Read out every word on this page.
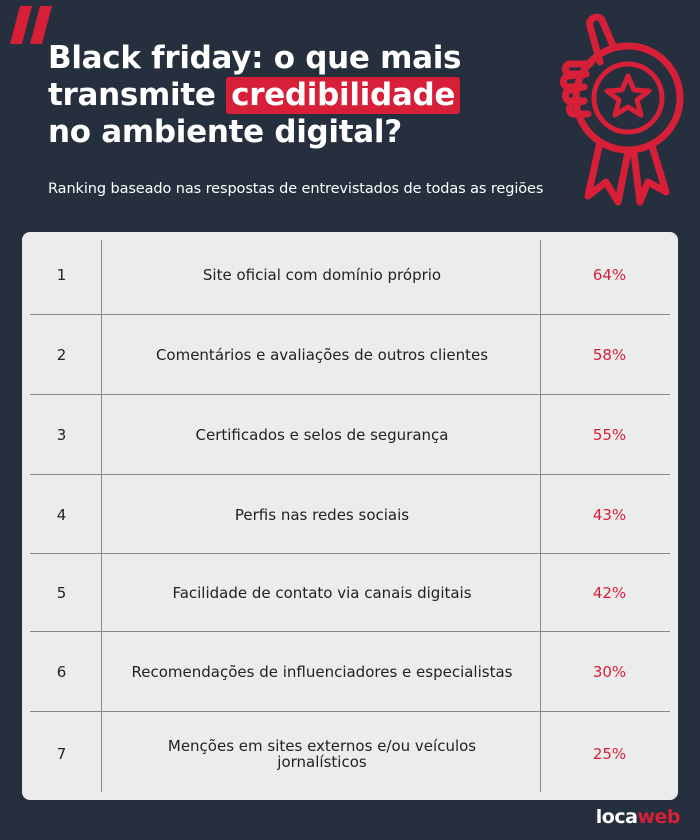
Black friday: o que mais transmite credibilidade no ambiente digital?

Ranking baseado nas respostas de entrevistados de todas as regiões

1	Site oficial com domínio próprio	64%
2	Comentários e avaliações de outros clientes	58%
3	Certificados e selos de segurança	55%
4	Perfis nas redes sociais	43%
5	Facilidade de contato via canais digitais	42%
6	Recomendações de influenciadores e especialistas	30%
7	Menções em sites externos e/ou veículos jornalísticos	25%
locaweb
